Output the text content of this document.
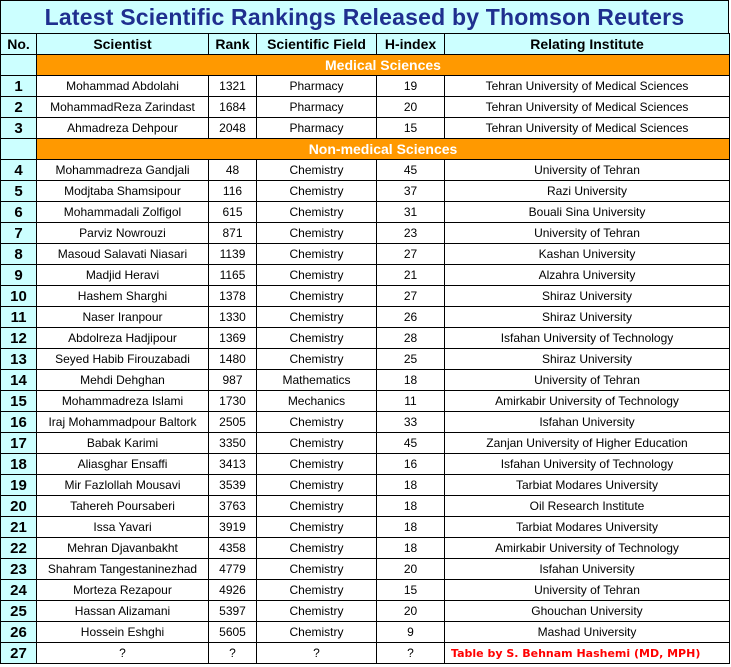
Latest Scientific Rankings Released by Thomson Reuters
No.	Scientist	Rank	Scientific Field	H-index	Relating Institute
	Medical Sciences				
1	Mohammad Abdolahi	1321	Pharmacy	19	Tehran University of Medical Sciences
2	MohammadReza Zarindast	1684	Pharmacy	20	Tehran University of Medical Sciences
3	Ahmadreza Dehpour	2048	Pharmacy	15	Tehran University of Medical Sciences
	Non-medical Sciences				
4	Mohammadreza Gandjali	48	Chemistry	45	University of Tehran
5	Modjtaba Shamsipour	116	Chemistry	37	Razi University
6	Mohammadali Zolfigol	615	Chemistry	31	Bouali Sina University
7	Parviz Nowrouzi	871	Chemistry	23	University of Tehran
8	Masoud Salavati Niasari	1139	Chemistry	27	Kashan University
9	Madjid Heravi	1165	Chemistry	21	Alzahra University
10	Hashem Sharghi	1378	Chemistry	27	Shiraz University
11	Naser Iranpour	1330	Chemistry	26	Shiraz University
12	Abdolreza Hadjipour	1369	Chemistry	28	Isfahan University of Technology
13	Seyed Habib Firouzabadi	1480	Chemistry	25	Shiraz University
14	Mehdi Dehghan	987	Mathematics	18	University of Tehran
15	Mohammadreza Islami	1730	Mechanics	11	Amirkabir University of Technology
16	Iraj Mohammadpour Baltork	2505	Chemistry	33	Isfahan University
17	Babak Karimi	3350	Chemistry	45	Zanjan University of Higher Education
18	Aliasghar Ensaffi	3413	Chemistry	16	Isfahan University of Technology
19	Mir Fazlollah Mousavi	3539	Chemistry	18	Tarbiat Modares University
20	Tahereh Poursaberi	3763	Chemistry	18	Oil Research Institute
21	Issa Yavari	3919	Chemistry	18	Tarbiat Modares University
22	Mehran Djavanbakht	4358	Chemistry	18	Amirkabir University of Technology
23	Shahram Tangestaninezhad	4779	Chemistry	20	Isfahan University
24	Morteza Rezapour	4926	Chemistry	15	University of Tehran
25	Hassan Alizamani	5397	Chemistry	20	Ghouchan University
26	Hossein Eshghi	5605	Chemistry	9	Mashad University
27	?	?	?	?	Table by S. Behnam Hashemi (MD, MPH)
